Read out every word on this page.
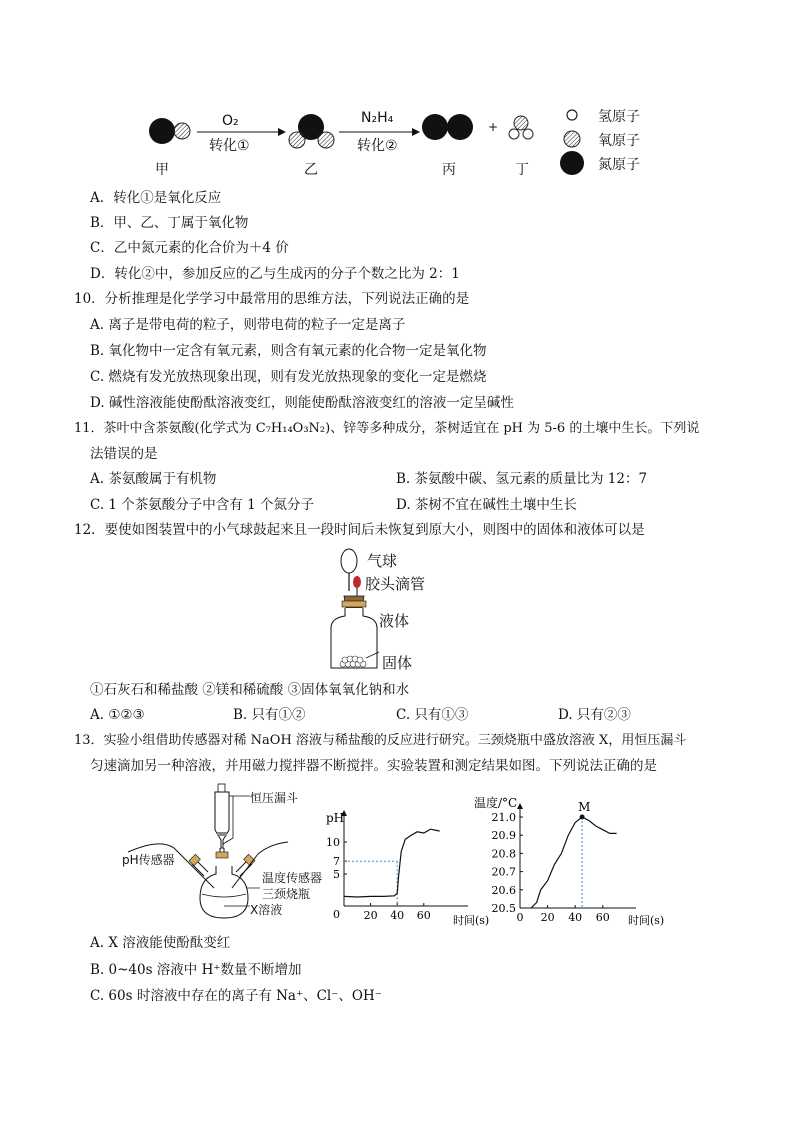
O₂
转化①
N₂H₄
转化②
+
甲	乙	丙	丁
氢原子
氧原子
氮原子
A．转化①是氧化反应
B．甲、乙、丁属于氧化物
C．乙中氮元素的化合价为＋4 价
D．转化②中，参加反应的乙与生成丙的分子个数之比为 2：1
10．分析推理是化学学习中最常用的思维方法，下列说法正确的是
A. 离子是带电荷的粒子，则带电荷的粒子一定是离子
B. 氧化物中一定含有氧元素，则含有氧元素的化合物一定是氧化物
C. 燃烧有发光放热现象出现，则有发光放热现象的变化一定是燃烧
D. 碱性溶液能使酚酞溶液变红，则能使酚酞溶液变红的溶液一定呈碱性
11．茶叶中含茶氨酸(化学式为 C₇H₁₄O₃N₂)、锌等多种成分，茶树适宜在 pH 为 5-6 的土壤中生长。下列说
法错误的是
A. 茶氨酸属于有机物	B. 茶氨酸中碳、氢元素的质量比为 12：7
C. 1 个茶氨酸分子中含有 1 个氮分子	D. 茶树不宜在碱性土壤中生长
12．要使如图装置中的小气球鼓起来且一段时间后未恢复到原大小，则图中的固体和液体可以是
气球
胶头滴管
液体
固体
①石灰石和稀盐酸 ②镁和稀硫酸 ③固体氧氧化钠和水
A. ①②③	B. 只有①②	C. 只有①③	D. 只有②③
13．实验小组借助传感器对稀 NaOH 溶液与稀盐酸的反应进行研究。三颈烧瓶中盛放溶液 X，用恒压漏斗
匀速滴加另一种溶液，并用磁力搅拌器不断搅拌。实验装置和测定结果如图。下列说法正确的是
恒压漏斗
pH传感器
温度传感器
三颈烧瓶
X溶液
pH
10
7
5
0 20 40 60 时间(s)
温度/°C
21.0
20.9
20.8
20.7
20.6
20.5
0 20 40 60 时间(s)
M
A. X 溶液能使酚酞变红
B. 0~40s 溶液中 H⁺数量不断增加
C. 60s 时溶液中存在的离子有 Na⁺、Cl⁻、OH⁻
